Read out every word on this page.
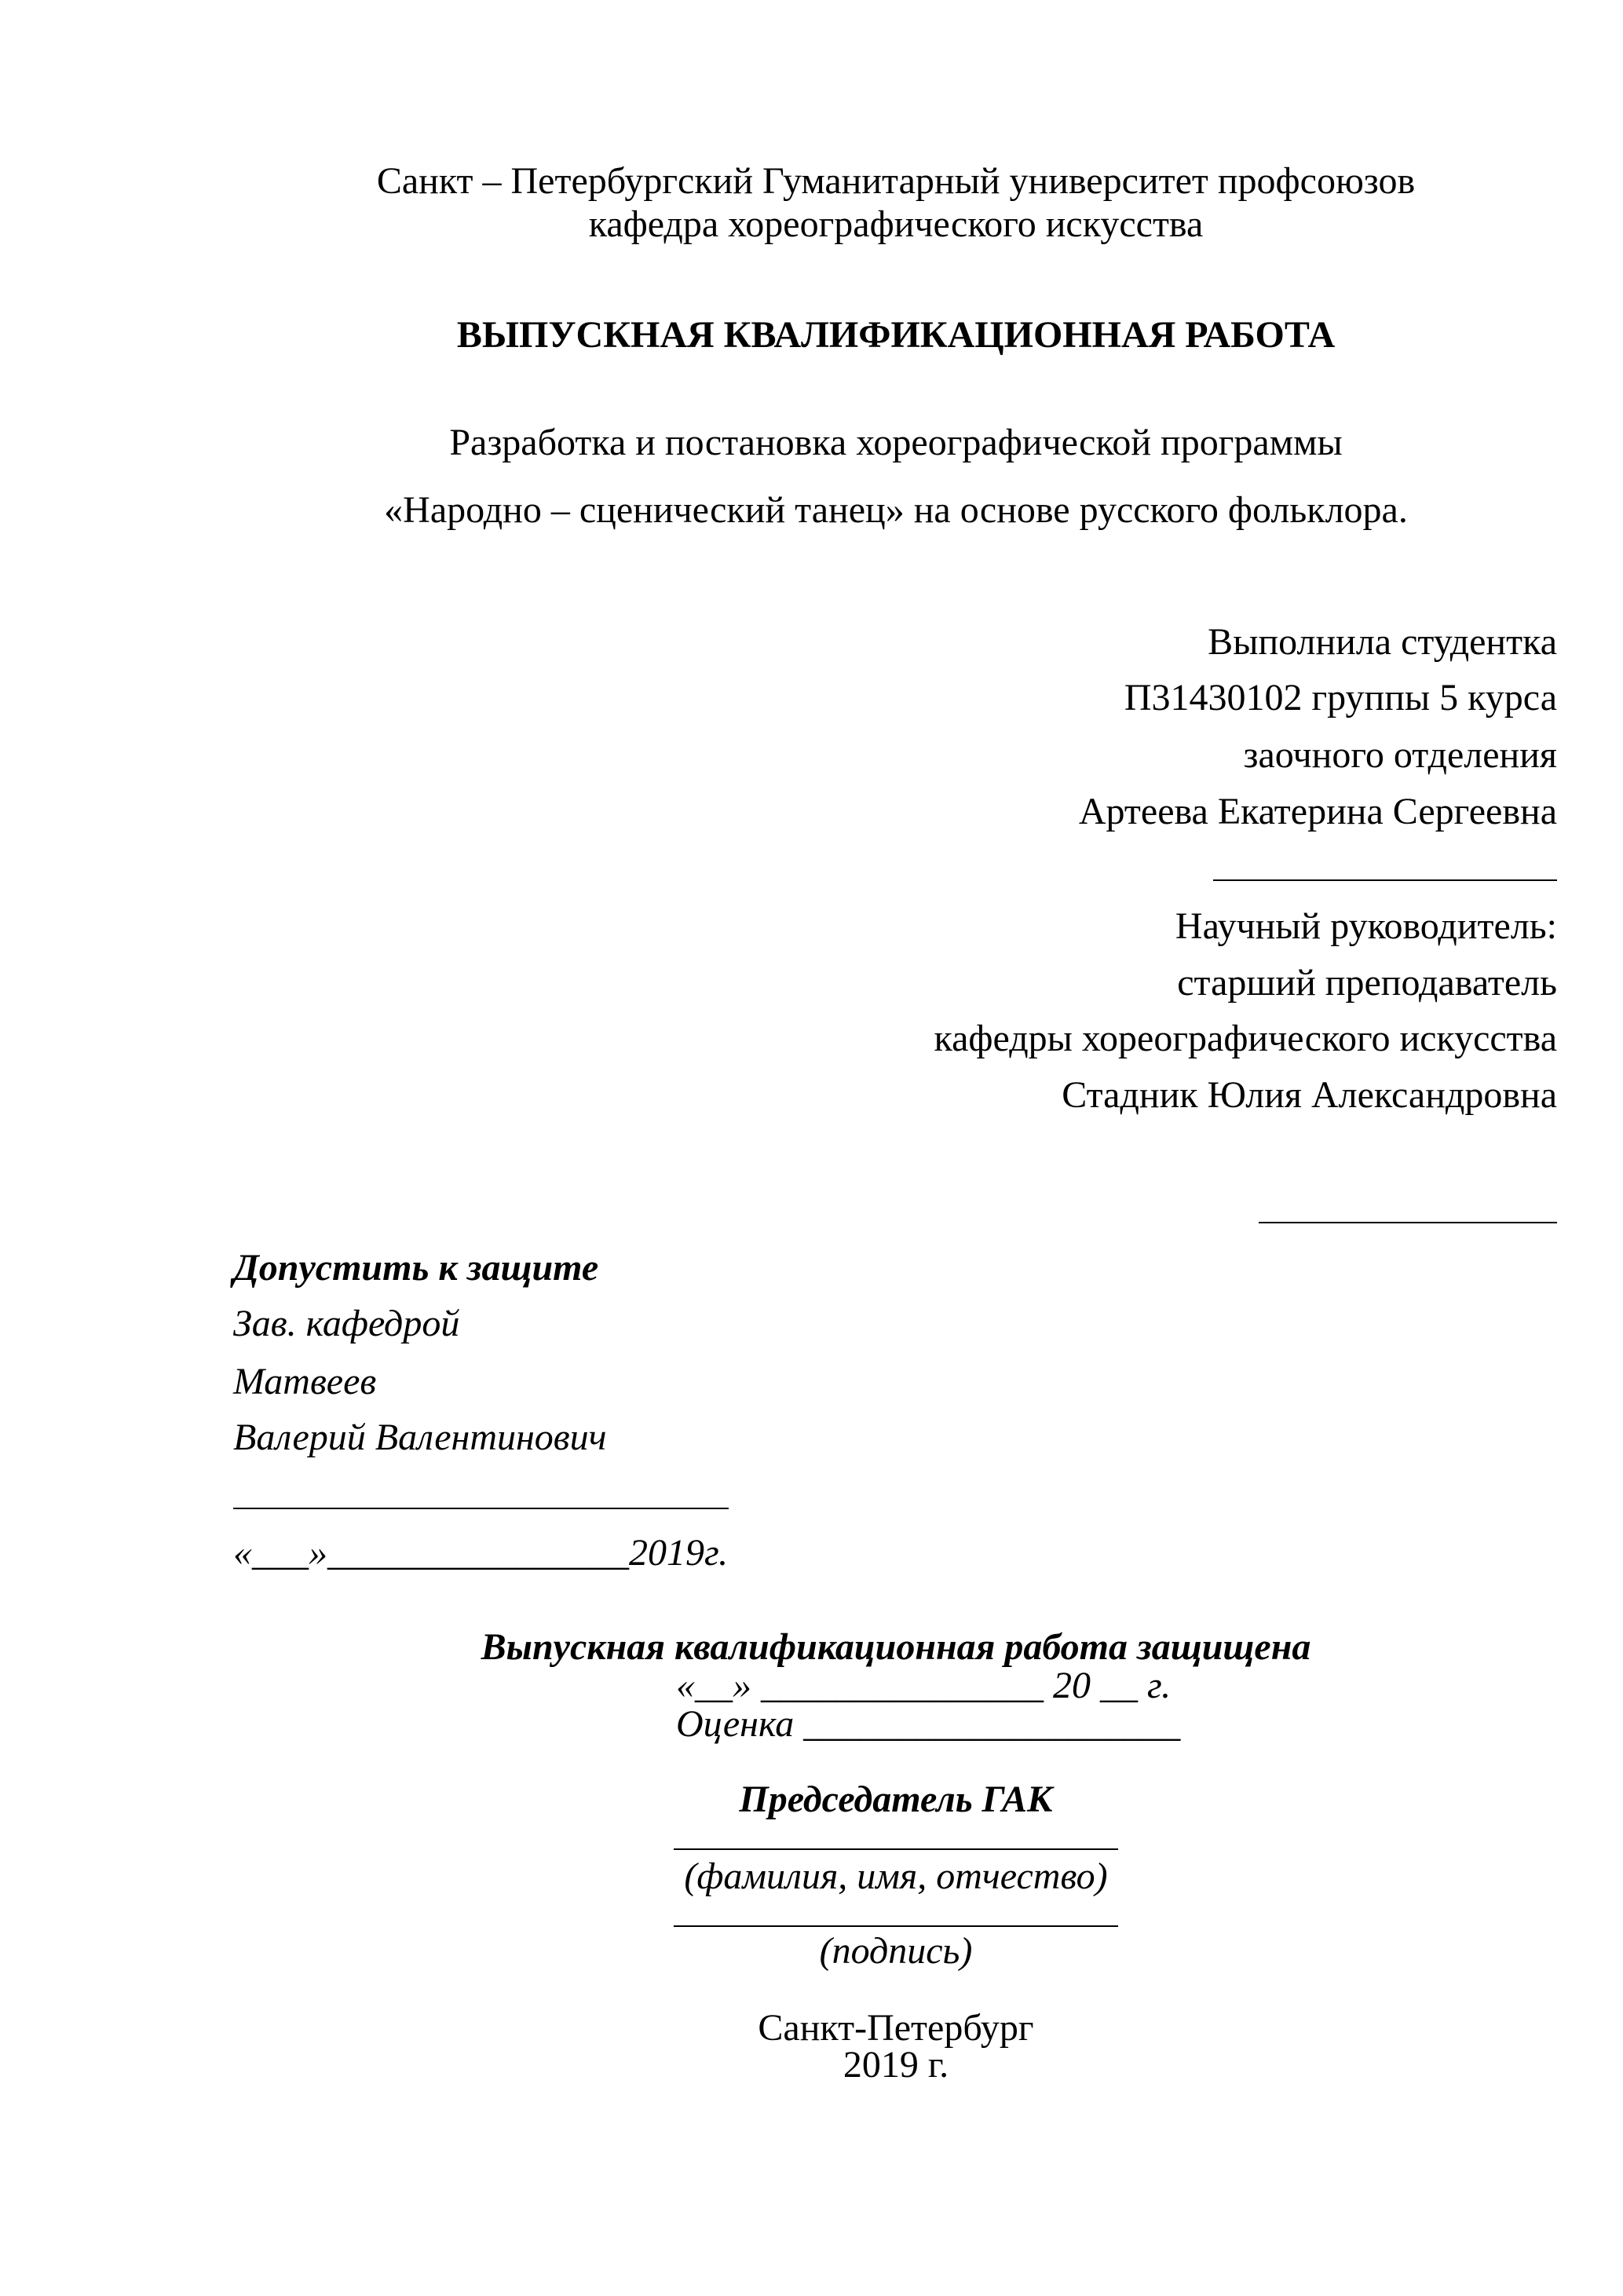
Санкт – Петербургский Гуманитарный университет профсоюзов
кафедра хореографического искусства
ВЫПУСКНАЯ КВАЛИФИКАЦИОННАЯ РАБОТА
Разработка и постановка хореографической программы
«Народно – сценический танец» на основе русского фольклора.
Выполнила студентка
П31430102 группы 5 курса
заочного отделения
Артеева Екатерина Сергеевна
Научный руководитель:
старший преподаватель
кафедры хореографического искусства
Стадник Юлия Александровна
Допустить к защите
Зав. кафедрой
Матвеев
Валерий Валентинович
«___»________________2019г.
Выпускная квалификационная работа защищена
«__» _______________ 20 __ г.
Оценка ____________________
Председатель ГАК
(фамилия, имя, отчество)
(подпись)
Санкт-Петербург
2019 г.
